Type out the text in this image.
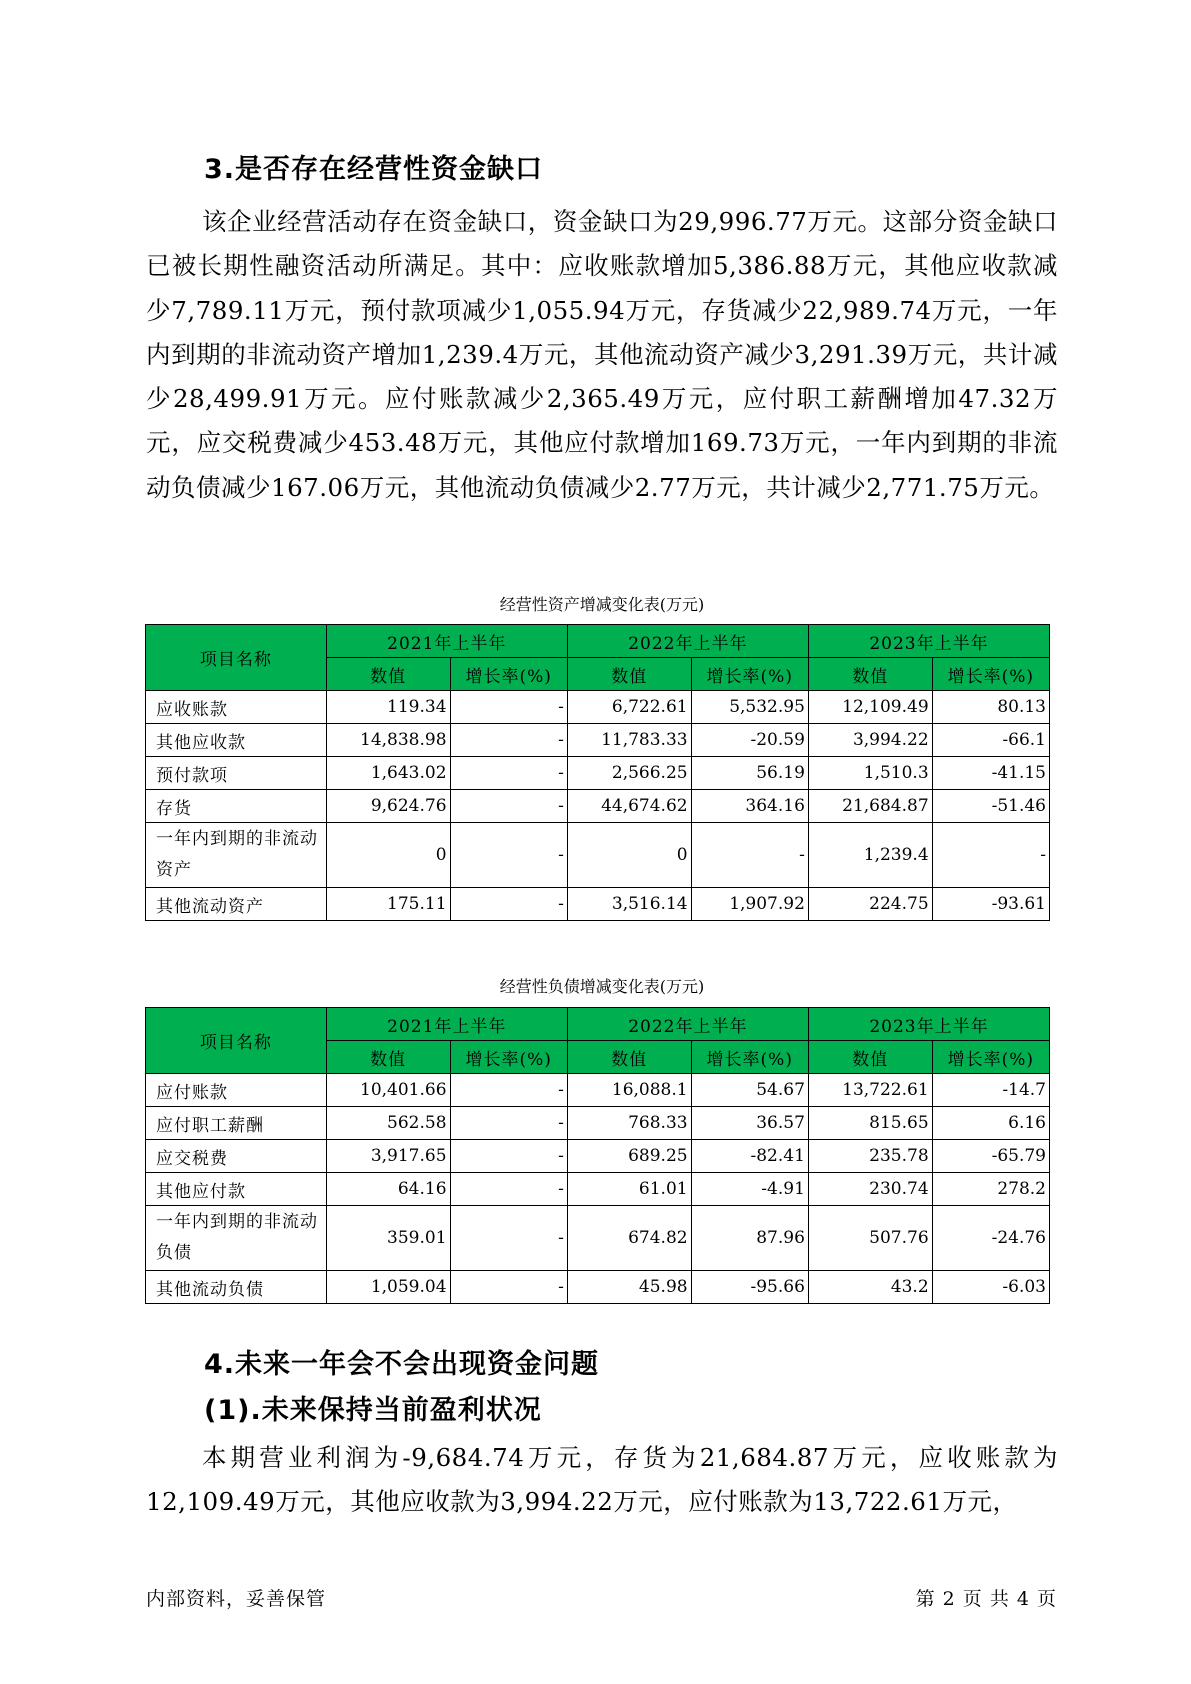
3.是否存在经营性资金缺口

该企业经营活动存在资金缺口，资金缺口为29,996.77万元。这部分资金缺口已被长期性融资活动所满足。其中：应收账款增加5,386.88万元，其他应收款减少7,789.11万元，预付款项减少1,055.94万元，存货减少22,989.74万元，一年内到期的非流动资产增加1,239.4万元，其他流动资产减少3,291.39万元，共计减少28,499.91万元。应付账款减少2,365.49万元，应付职工薪酬增加47.32万元，应交税费减少453.48万元，其他应付款增加169.73万元，一年内到期的非流动负债减少167.06万元，其他流动负债减少2.77万元，共计减少2,771.75万元。

经营性资产增减变化表(万元)

项目名称	2021年上半年		2022年上半年		2023年上半年	
	数值	增长率(%)	数值	增长率(%)	数值	增长率(%)
应收账款	119.34	-	6,722.61	5,532.95	12,109.49	80.13
其他应收款	14,838.98	-	11,783.33	-20.59	3,994.22	-66.1
预付款项	1,643.02	-	2,566.25	56.19	1,510.3	-41.15
存货	9,624.76	-	44,674.62	364.16	21,684.87	-51.46
一年内到期的非流动资产	0	-	0	-	1,239.4	-
其他流动资产	175.11	-	3,516.14	1,907.92	224.75	-93.61

经营性负债增减变化表(万元)

项目名称	2021年上半年		2022年上半年		2023年上半年	
	数值	增长率(%)	数值	增长率(%)	数值	增长率(%)
应付账款	10,401.66	-	16,088.1	54.67	13,722.61	-14.7
应付职工薪酬	562.58	-	768.33	36.57	815.65	6.16
应交税费	3,917.65	-	689.25	-82.41	235.78	-65.79
其他应付款	64.16	-	61.01	-4.91	230.74	278.2
一年内到期的非流动负债	359.01	-	674.82	87.96	507.76	-24.76
其他流动负债	1,059.04	-	45.98	-95.66	43.2	-6.03
4.未来一年会不会出现资金问题
(1).未来保持当前盈利状况

本期营业利润为-9,684.74万元，存货为21,684.87万元，应收账款为12,109.49万元，其他应收款为3,994.22万元，应付账款为13,722.61万元，

内部资料，妥善保管	第 2 页 共 4 页
